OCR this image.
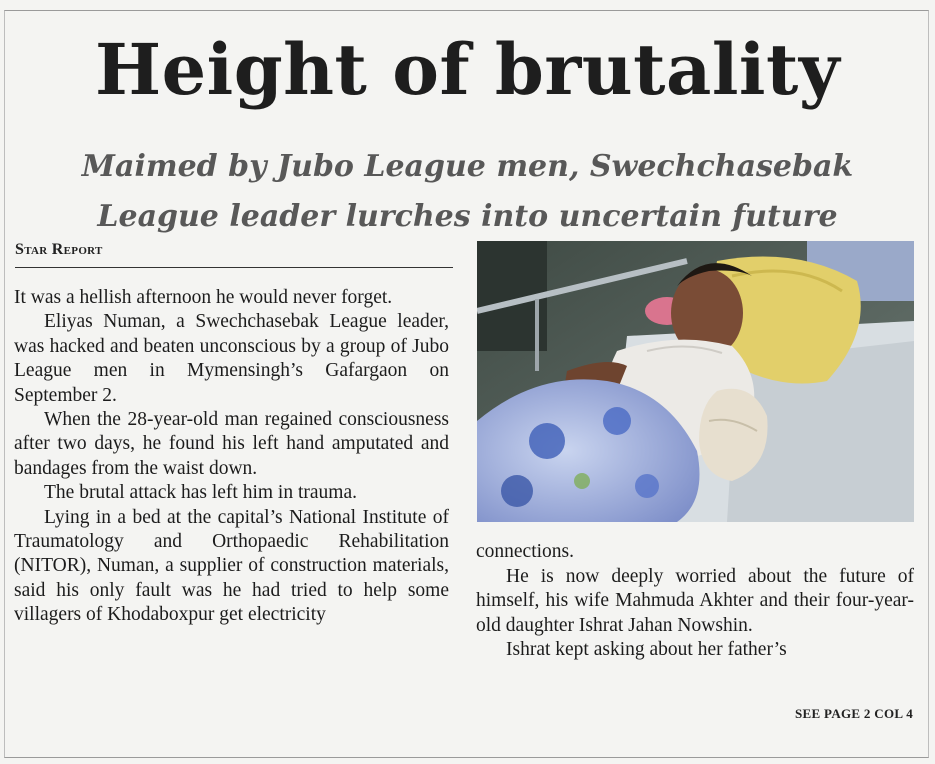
Height of brutality
Maimed by Jubo League men, Swechchasebak
League leader lurches into uncertain future
Star Report

It was a hellish afternoon he would never forget.

Eliyas Numan, a Swechchasebak League leader, was hacked and beaten unconscious by a group of Jubo League men in Mymensingh’s Gafargaon on September 2.

When the 28-year-old man regained consciousness after two days, he found his left hand amputated and bandages from the waist down.

The brutal attack has left him in trauma.

Lying in a bed at the capital’s National Institute of Traumatology and Orthopaedic Rehabilitation (NITOR), Numan, a supplier of construction materials, said his only fault was he had tried to help some villagers of Khodaboxpur get electricity

connections.

He is now deeply worried about the future of himself, his wife Mahmuda Akhter and their four-year-old daughter Ishrat Jahan Nowshin.

Ishrat kept asking about her father’s

SEE PAGE 2 COL 4
